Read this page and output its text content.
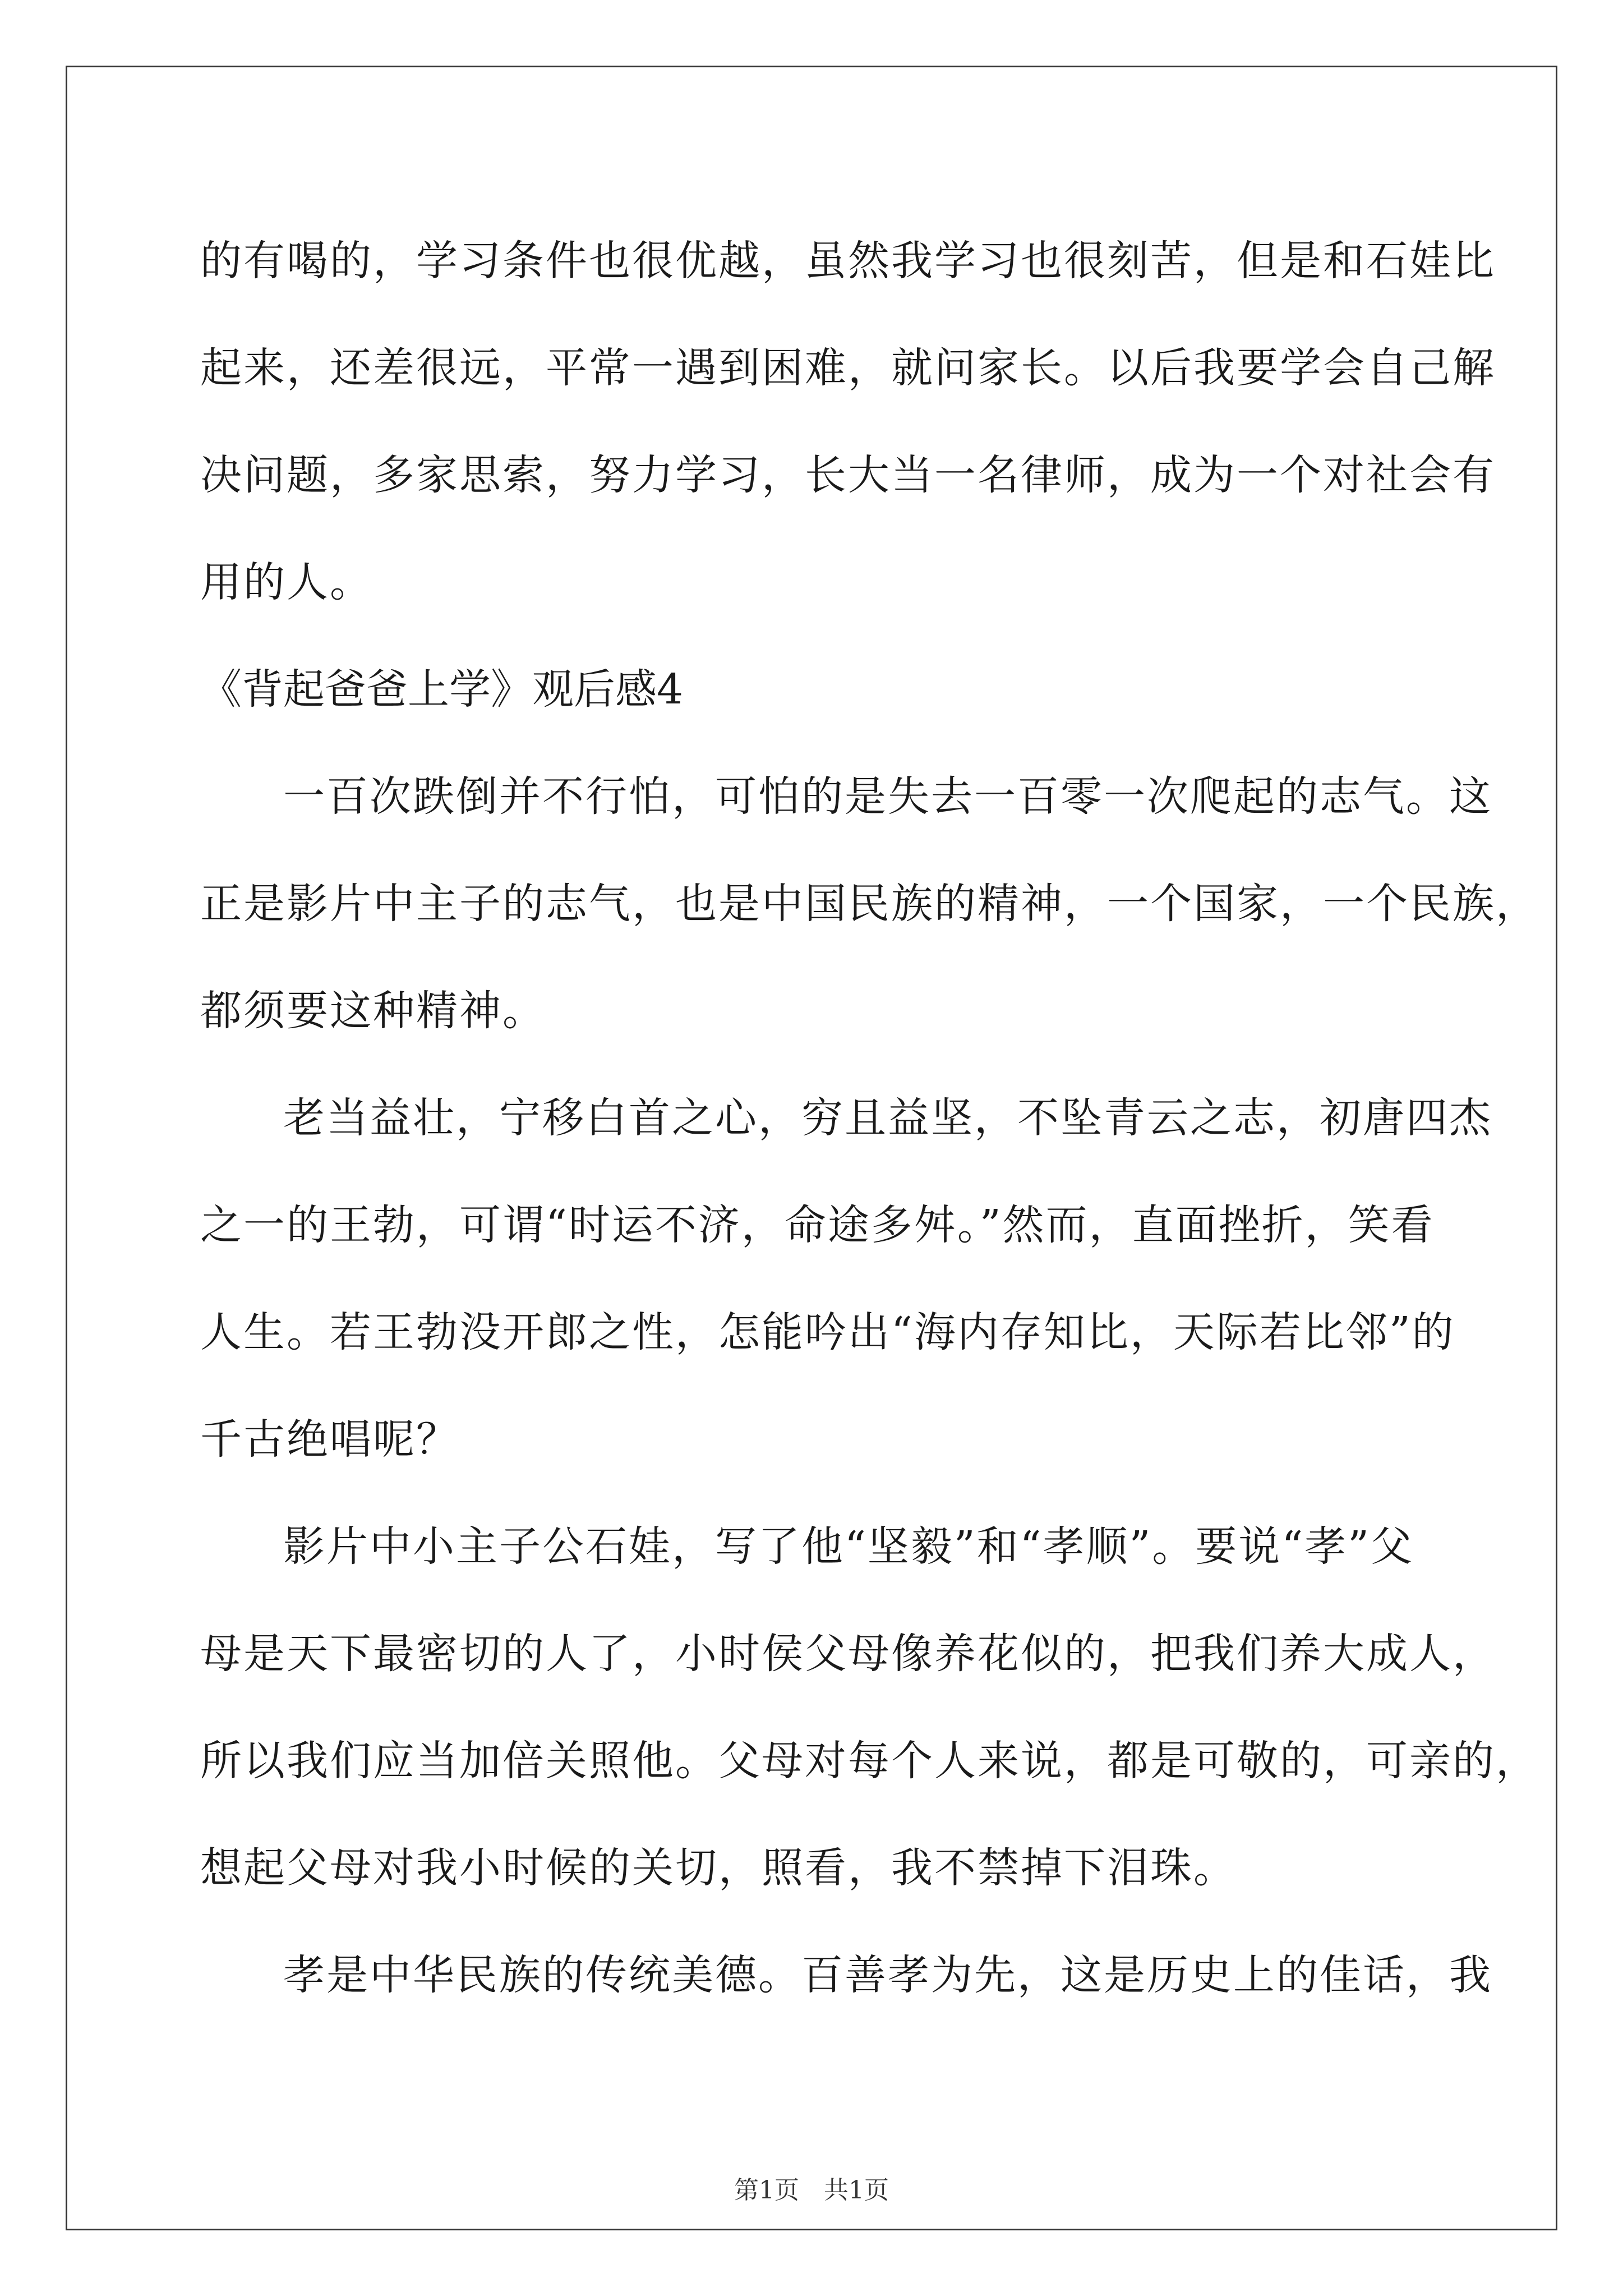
的有喝的，学习条件也很优越，虽然我学习也很刻苦，但是和石娃比
起来，还差很远，平常一遇到困难，就问家长。以后我要学会自己解
决问题，多家思索，努力学习，长大当一名律师，成为一个对社会有
用的人。
《背起爸爸上学》观后感4
一百次跌倒并不行怕，可怕的是失去一百零一次爬起的志气。这
正是影片中主子的志气，也是中国民族的精神，一个国家，一个民族，
都须要这种精神。
老当益壮，宁移白首之心，穷且益坚，不坠青云之志，初唐四杰
之一的王勃，可谓“时运不济，命途多舛。”然而，直面挫折，笑看
人生。若王勃没开郎之性，怎能吟出“海内存知比，天际若比邻”的
千古绝唱呢？
影片中小主子公石娃，写了他“坚毅”和“孝顺”。要说“孝”父
母是天下最密切的人了，小时侯父母像养花似的，把我们养大成人，
所以我们应当加倍关照他。父母对每个人来说，都是可敬的，可亲的，
想起父母对我小时候的关切，照看，我不禁掉下泪珠。
孝是中华民族的传统美德。百善孝为先，这是历史上的佳话，我
第1页　共1页
